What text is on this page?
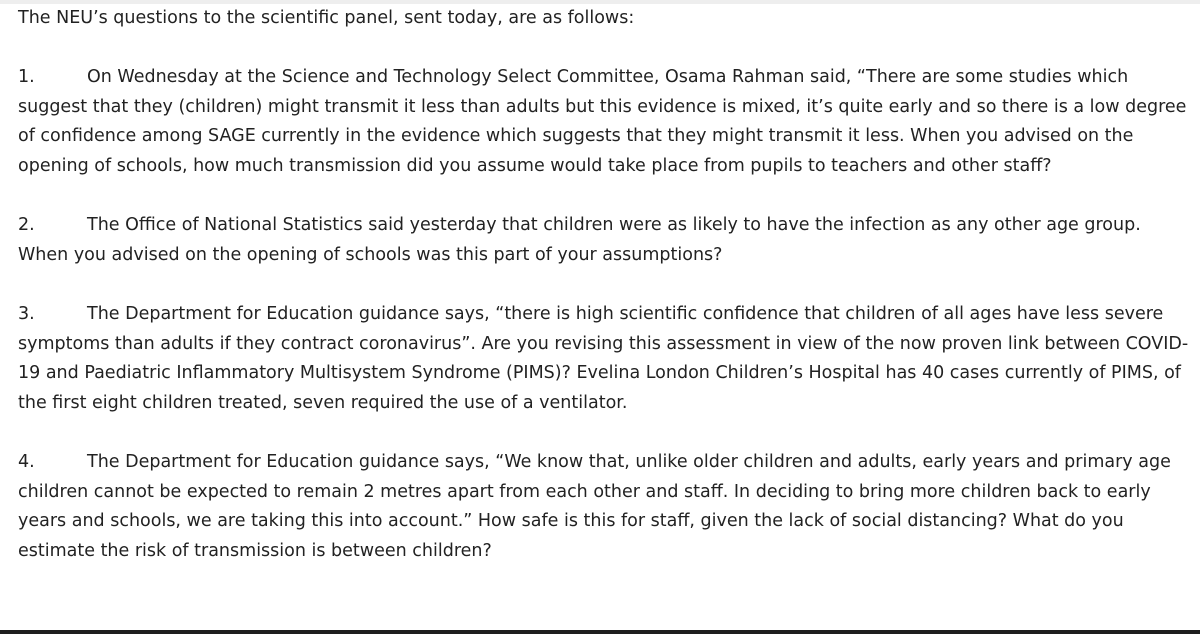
The NEU’s questions to the scientific panel, sent today, are as follows:

1.	On Wednesday at the Science and Technology Select Committee, Osama Rahman said, “There are some studies which suggest that they (children) might transmit it less than adults but this evidence is mixed, it’s quite early and so there is a low degree of confidence among SAGE currently in the evidence which suggests that they might transmit it less. When you advised on the opening of schools, how much transmission did you assume would take place from pupils to teachers and other staff?

2.	The Office of National Statistics said yesterday that children were as likely to have the infection as any other age group. When you advised on the opening of schools was this part of your assumptions?

3.	The Department for Education guidance says, “there is high scientific confidence that children of all ages have less severe symptoms than adults if they contract coronavirus”. Are you revising this assessment in view of the now proven link between COVID-19 and Paediatric Inflammatory Multisystem Syndrome (PIMS)? Evelina London Children’s Hospital has 40 cases currently of PIMS, of the first eight children treated, seven required the use of a ventilator.

4.	The Department for Education guidance says, “We know that, unlike older children and adults, early years and primary age children cannot be expected to remain 2 metres apart from each other and staff. In deciding to bring more children back to early years and schools, we are taking this into account.” How safe is this for staff, given the lack of social distancing? What do you estimate the risk of transmission is between children?
